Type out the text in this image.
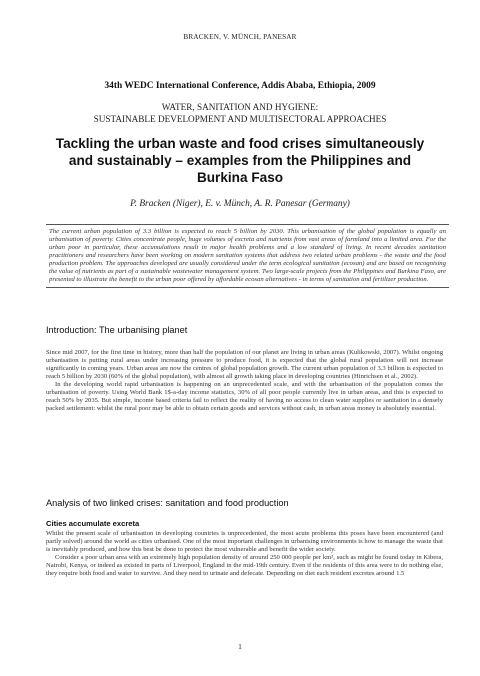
BRACKEN, V. MÜNCH, PANESAR
34th WEDC International Conference, Addis Ababa, Ethiopia, 2009
WATER, SANITATION AND HYGIENE:
SUSTAINABLE DEVELOPMENT AND MULTISECTORAL APPROACHES
Tackling the urban waste and food crises simultaneously
and sustainably – examples from the Philippines and
Burkina Faso
P. Bracken (Niger), E. v. Münch, A. R. Panesar (Germany)
The current urban population of 3.3 billion is expected to reach 5 billion by 2030. This urbanisation of the global population is equally an urbanisation of poverty. Cities concentrate people, huge volumes of excreta and nutrients from vast areas of farmland into a limited area. For the urban poor in particular, these accumulations result in major health problems and a low standard of living. In recent decades sanitation practitioners and researchers have been working on modern sanitation systems that address two related urban problems - the waste and the food production problem. The approaches developed are usually considered under the term ecological sanitation (ecosan) and are based on recognising the value of nutrients as part of a sustainable wastewater management system. Two large-scale projects from the Philippines and Burkina Faso, are presented to illustrate the benefit to the urban poor offered by affordable ecosan alternatives - in terms of sanitation and fertilizer production.
Introduction: The urbanising planet

Since mid 2007, for the first time in history, more than half the population of our planet are living in urban areas (Kulikowski, 2007). Whilst ongoing urbanisation is putting rural areas under increasing pressure to produce food, it is expected that the global rural population will not increase significantly in coming years. Urban areas are now the centres of global population growth. The current urban population of 3.3 billion is expected to reach 5 billion by 2030 (60% of the global population), with almost all growth taking place in developing countries (Hinrichsen et al., 2002).

In the developing world rapid urbanisation is happening on an unprecedented scale, and with the urbanisation of the population comes the urbanisation of poverty. Using World Bank 1$-a-day income statistics, 30% of all poor people currently live in urban areas, and this is expected to reach 50% by 2035. But simple, income based criteria fail to reflect the reality of having no access to clean water supplies or sanitation in a densely packed settlement: whilst the rural poor may be able to obtain certain goods and services without cash, in urban areas money is absolutely essential.

Analysis of two linked crises: sanitation and food production
Cities accumulate excreta

Whilst the present scale of urbanisation in developing countries is unprecedented, the most acute problems this poses have been encountered (and partly solved) around the world as cities urbanised. One of the most important challenges in urbanising environments is how to manage the waste that is inevitably produced, and how this best be done to protect the most vulnerable and benefit the wider society.

Consider a poor urban area with an extremely high population density of around 250 000 people per km², such as might be found today in Kibera, Nairobi, Kenya, or indeed as existed in parts of Liverpool, England in the mid-19th century. Even if the residents of this area were to do nothing else, they require both food and water to survive. And they need to urinate and defecate. Depending on diet each resident excretes around 1.5

1
